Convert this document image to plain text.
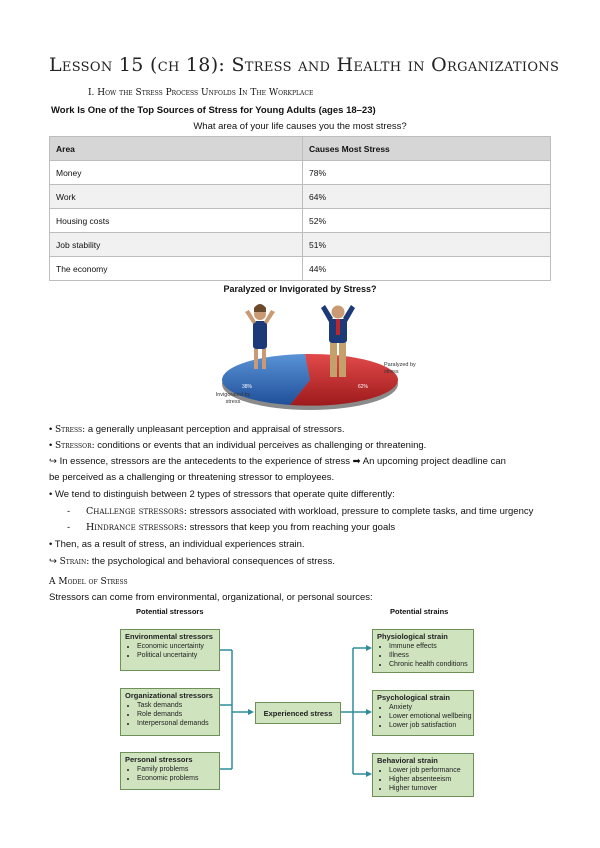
Lesson 15 (ch 18): Stress and Health in Organizations
I. How the Stress Process Unfolds In The Workplace
Work Is One of the Top Sources of Stress for Young Adults (ages 18–23)
What area of your life causes you the most stress?
Area	Causes Most Stress
Money	78%
Work	64%
Housing costs	52%
Job stability	51%
The economy	44%
Paralyzed or Invigorated by Stress?
38%	62%
Invigorated by stress
Paralyzed by stress
• Stress: a generally unpleasant perception and appraisal of stressors.
• Stressor: conditions or events that an individual perceives as challenging or threatening.
↪ In essence, stressors are the antecedents to the experience of stress ➡ An upcoming project deadline can
be perceived as a challenging or threatening stressor to employees.
• We tend to distinguish between 2 types of stressors that operate quite differently:
-      Challenge stressors: stressors associated with workload, pressure to complete tasks, and time urgency
-      Hindrance stressors: stressors that keep you from reaching your goals
• Then, as a result of stress, an individual experiences strain.
↪ Strain: the psychological and behavioral consequences of stress.
A Model of Stress
Stressors can come from environmental, organizational, or personal sources:
Potential stressors	Potential strains
Environmental stressors
• Economic uncertainty
• Political uncertainty
Organizational stressors
• Task demands
• Role demands
• Interpersonal demands
Personal stressors
• Family problems
• Economic problems
Experienced stress
Physiological strain
• Immune effects
• Illness
• Chronic health conditions
Psychological strain
• Anxiety
• Lower emotional wellbeing
• Lower job satisfaction
Behavioral strain
• Lower job performance
• Higher absenteeism
• Higher turnover
